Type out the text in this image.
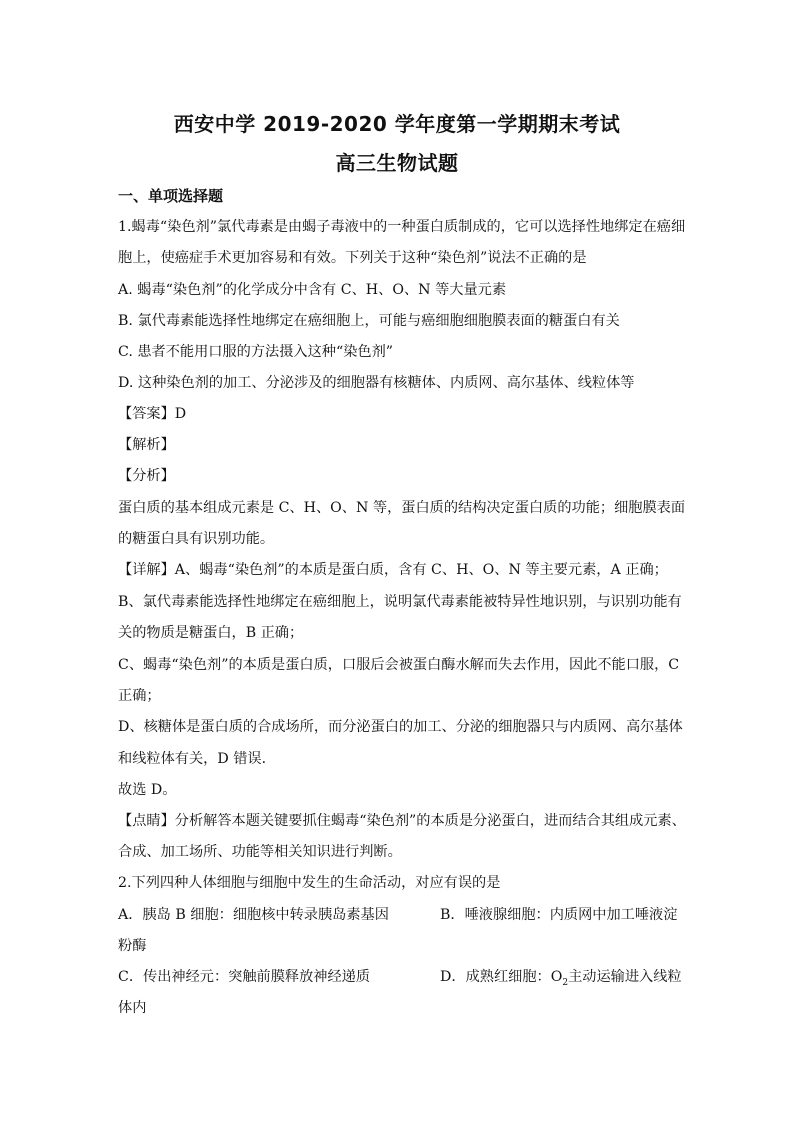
西安中学 2019-2020 学年度第一学期期末考试
高三生物试题
一、单项选择题
1.蝎毒“染色剂”氯代毒素是由蝎子毒液中的一种蛋白质制成的，它可以选择性地绑定在癌细
胞上，使癌症手术更加容易和有效。下列关于这种“染色剂”说法不正确的是
A. 蝎毒“染色剂”的化学成分中含有 C、H、O、N 等大量元素
B. 氯代毒素能选择性地绑定在癌细胞上，可能与癌细胞细胞膜表面的糖蛋白有关
C. 患者不能用口服的方法摄入这种“染色剂”
D. 这种染色剂的加工、分泌涉及的细胞器有核糖体、内质网、高尔基体、线粒体等
【答案】D
【解析】
【分析】
蛋白质的基本组成元素是 C、H、O、N 等，蛋白质的结构决定蛋白质的功能；细胞膜表面
的糖蛋白具有识别功能。
【详解】A、蝎毒“染色剂”的本质是蛋白质，含有 C、H、O、N 等主要元素，A 正确；
B、氯代毒素能选择性地绑定在癌细胞上，说明氯代毒素能被特异性地识别，与识别功能有
关的物质是糖蛋白，B 正确；
C、蝎毒“染色剂”的本质是蛋白质，口服后会被蛋白酶水解而失去作用，因此不能口服，C
正确；
D、核糖体是蛋白质的合成场所，而分泌蛋白的加工、分泌的细胞器只与内质网、高尔基体
和线粒体有关，D 错误．
故选 D。
【点睛】分析解答本题关键要抓住蝎毒“染色剂”的本质是分泌蛋白，进而结合其组成元素、
合成、加工场所、功能等相关知识进行判断。
2.下列四种人体细胞与细胞中发生的生命活动，对应有误的是
A．胰岛 B 细胞：细胞核中转录胰岛素基因	B．唾液腺细胞：内质网中加工唾液淀
粉酶
C．传出神经元：突触前膜释放神经递质	D．成熟红细胞：$O_2$主动运输进入线粒
体内
